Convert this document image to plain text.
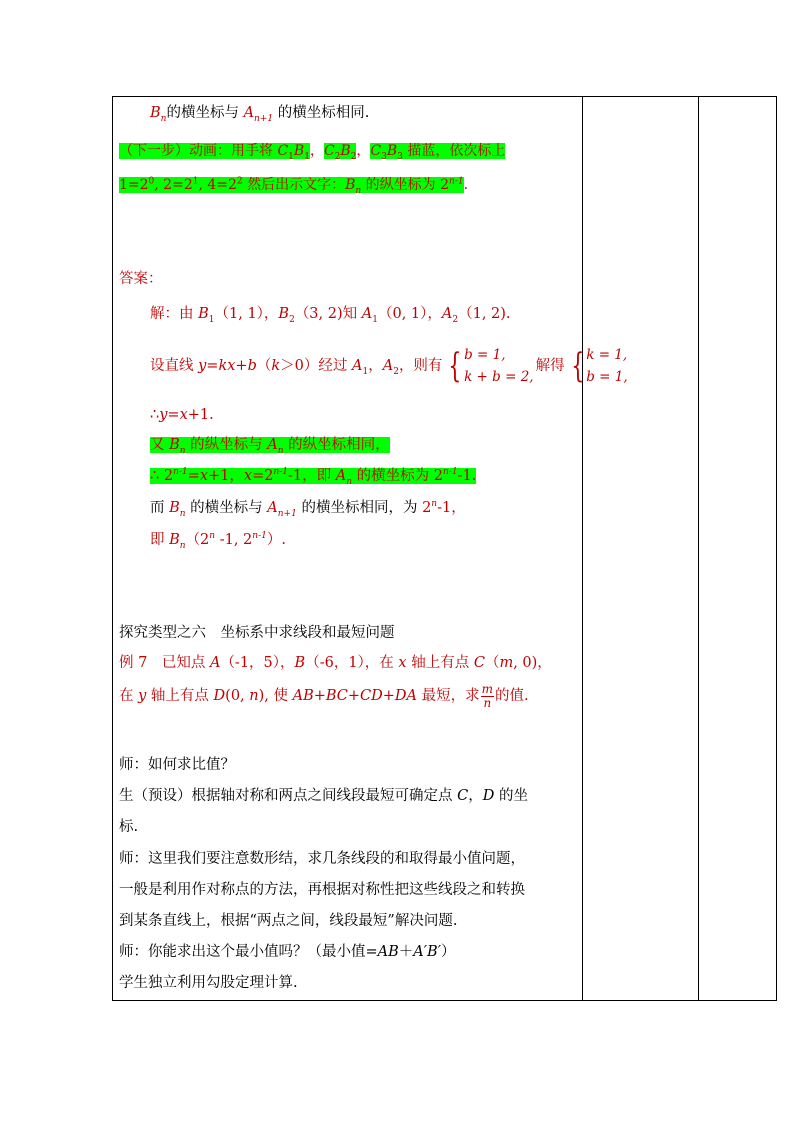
$B_n$的横坐标与 $A_{n+1}$ 的横坐标相同.
（下一步）动画：用手将 $C_1B_1$，$C_2B_2$，$C_3B_3$ 描蓝，依次标上
$1=2^0$, $2=2^1$, $4=2^2$ 然后出示文字：$B_n$ 的纵坐标为 2$^{n-1}$.
答案：
解：由 $B_1(1$, 1），$B_2(3$, 2)知 $A_1(0$, 1），$A_2(1$, 2).
设直线 y=kx+b（k＞0）经过 $A_1$，$A_2$，则有 { b = 1,
k + b = 2,
解得 { k = 1,
b = 1,
∴y=x+1.
又 $B_n$ 的纵坐标与 $A_n$ 的纵坐标相同，
∴ $2^{n-1}=x+1$，$x=2^{n-1}-1$，即 $A_n$ 的横坐标为 2$^{n-1}$-1.
而 $B_n$ 的横坐标与 $A_{n+1}$ 的横坐标相同，为 2$^n$-1，
即 $B_n(2^n$ -1, 2$^{n-1}$）.
探究类型之六　坐标系中求线段和最短问题
例 7　已知点 A（-1，5），B（-6，1），在 x 轴上有点 C（m, 0)，
在 y 轴上有点 D(0, n), 使 AB+BC+CD+DA 最短，求 $\frac{m}{n}$ 的值.
师：如何求比值？
生（预设）根据轴对称和两点之间线段最短可确定点 C，D 的坐
标.
师：这里我们要注意数形结，求几条线段的和取得最小值问题，
一般是利用作对称点的方法，再根据对称性把这些线段之和转换
到某条直线上，根据“两点之间，线段最短”解决问题.
师：你能求出这个最小值吗？（最小值=AB＋A′B′）
学生独立利用勾股定理计算.
